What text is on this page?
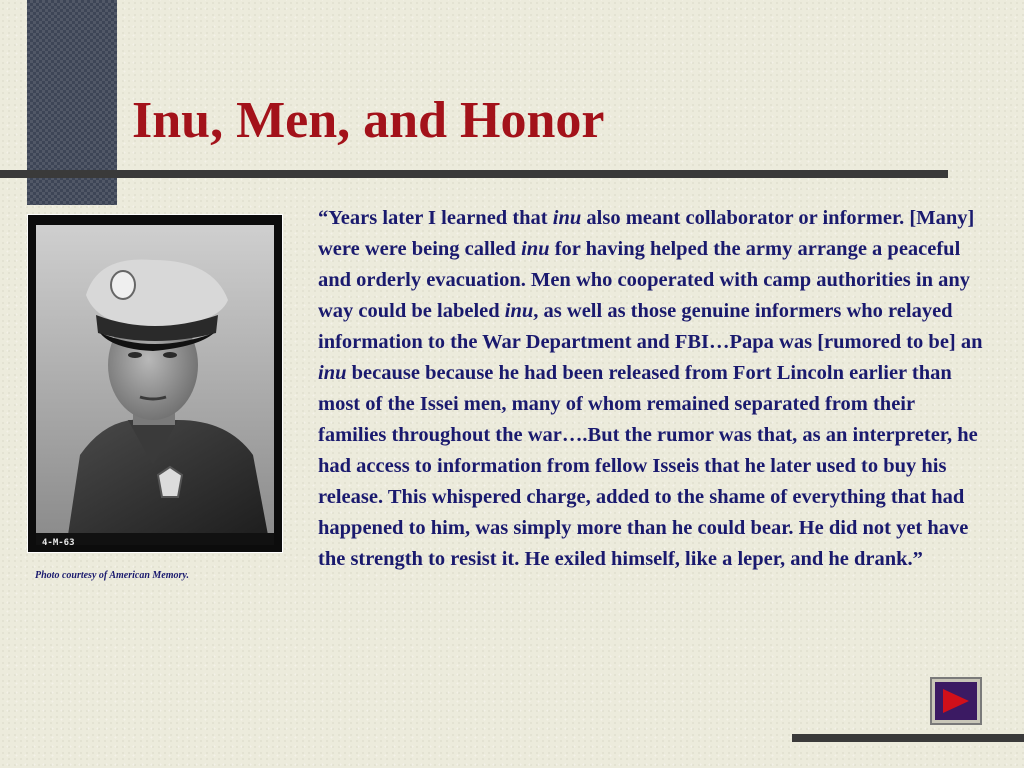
Inu, Men, and Honor
4-M-63
Photo courtesy of American Memory.

“Years later I learned that inu also meant collaborator or informer. [Many] were were being called inu for having helped the army arrange a peaceful and orderly evacuation. Men who cooperated with camp authorities in any way could be labeled inu, as well as those genuine informers who relayed information to the War Department and FBI…Papa was [rumored to be] an inu because because he had been released from Fort Lincoln earlier than most of the Issei men, many of whom remained separated from their families throughout the war….But the rumor was that, as an interpreter, he had access to information from fellow Isseis that he later used to buy his release. This whispered charge, added to the shame of everything that had happened to him, was simply more than he could bear. He did not yet have the strength to resist it. He exiled himself, like a leper, and he drank.”
